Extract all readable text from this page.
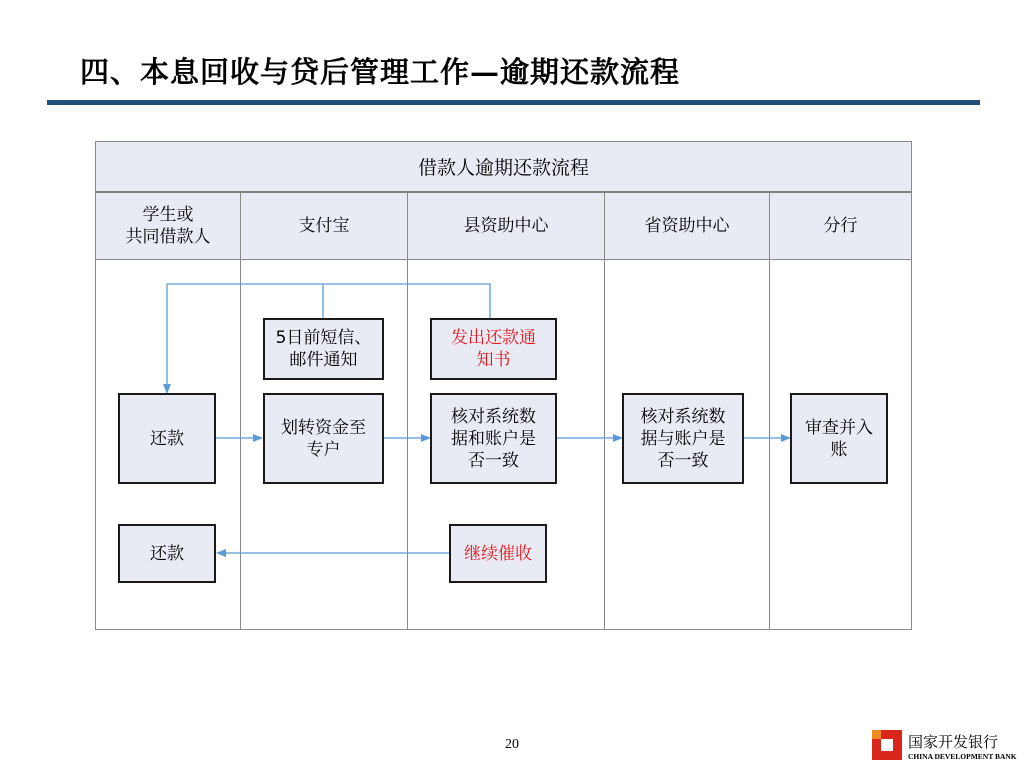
四、本息回收与贷后管理工作—逾期还款流程
借款人逾期还款流程
学生或
共同借款人
支付宝	县资助中心	省资助中心	分行
5日前短信、
邮件通知
发出还款通
知书
还款
划转资金至
专户
核对系统数
据和账户是
否一致
核对系统数
据与账户是
否一致
审查并入
账
还款	继续催收
20	国家开发银行
CHINA DEVELOPMENT BANK
